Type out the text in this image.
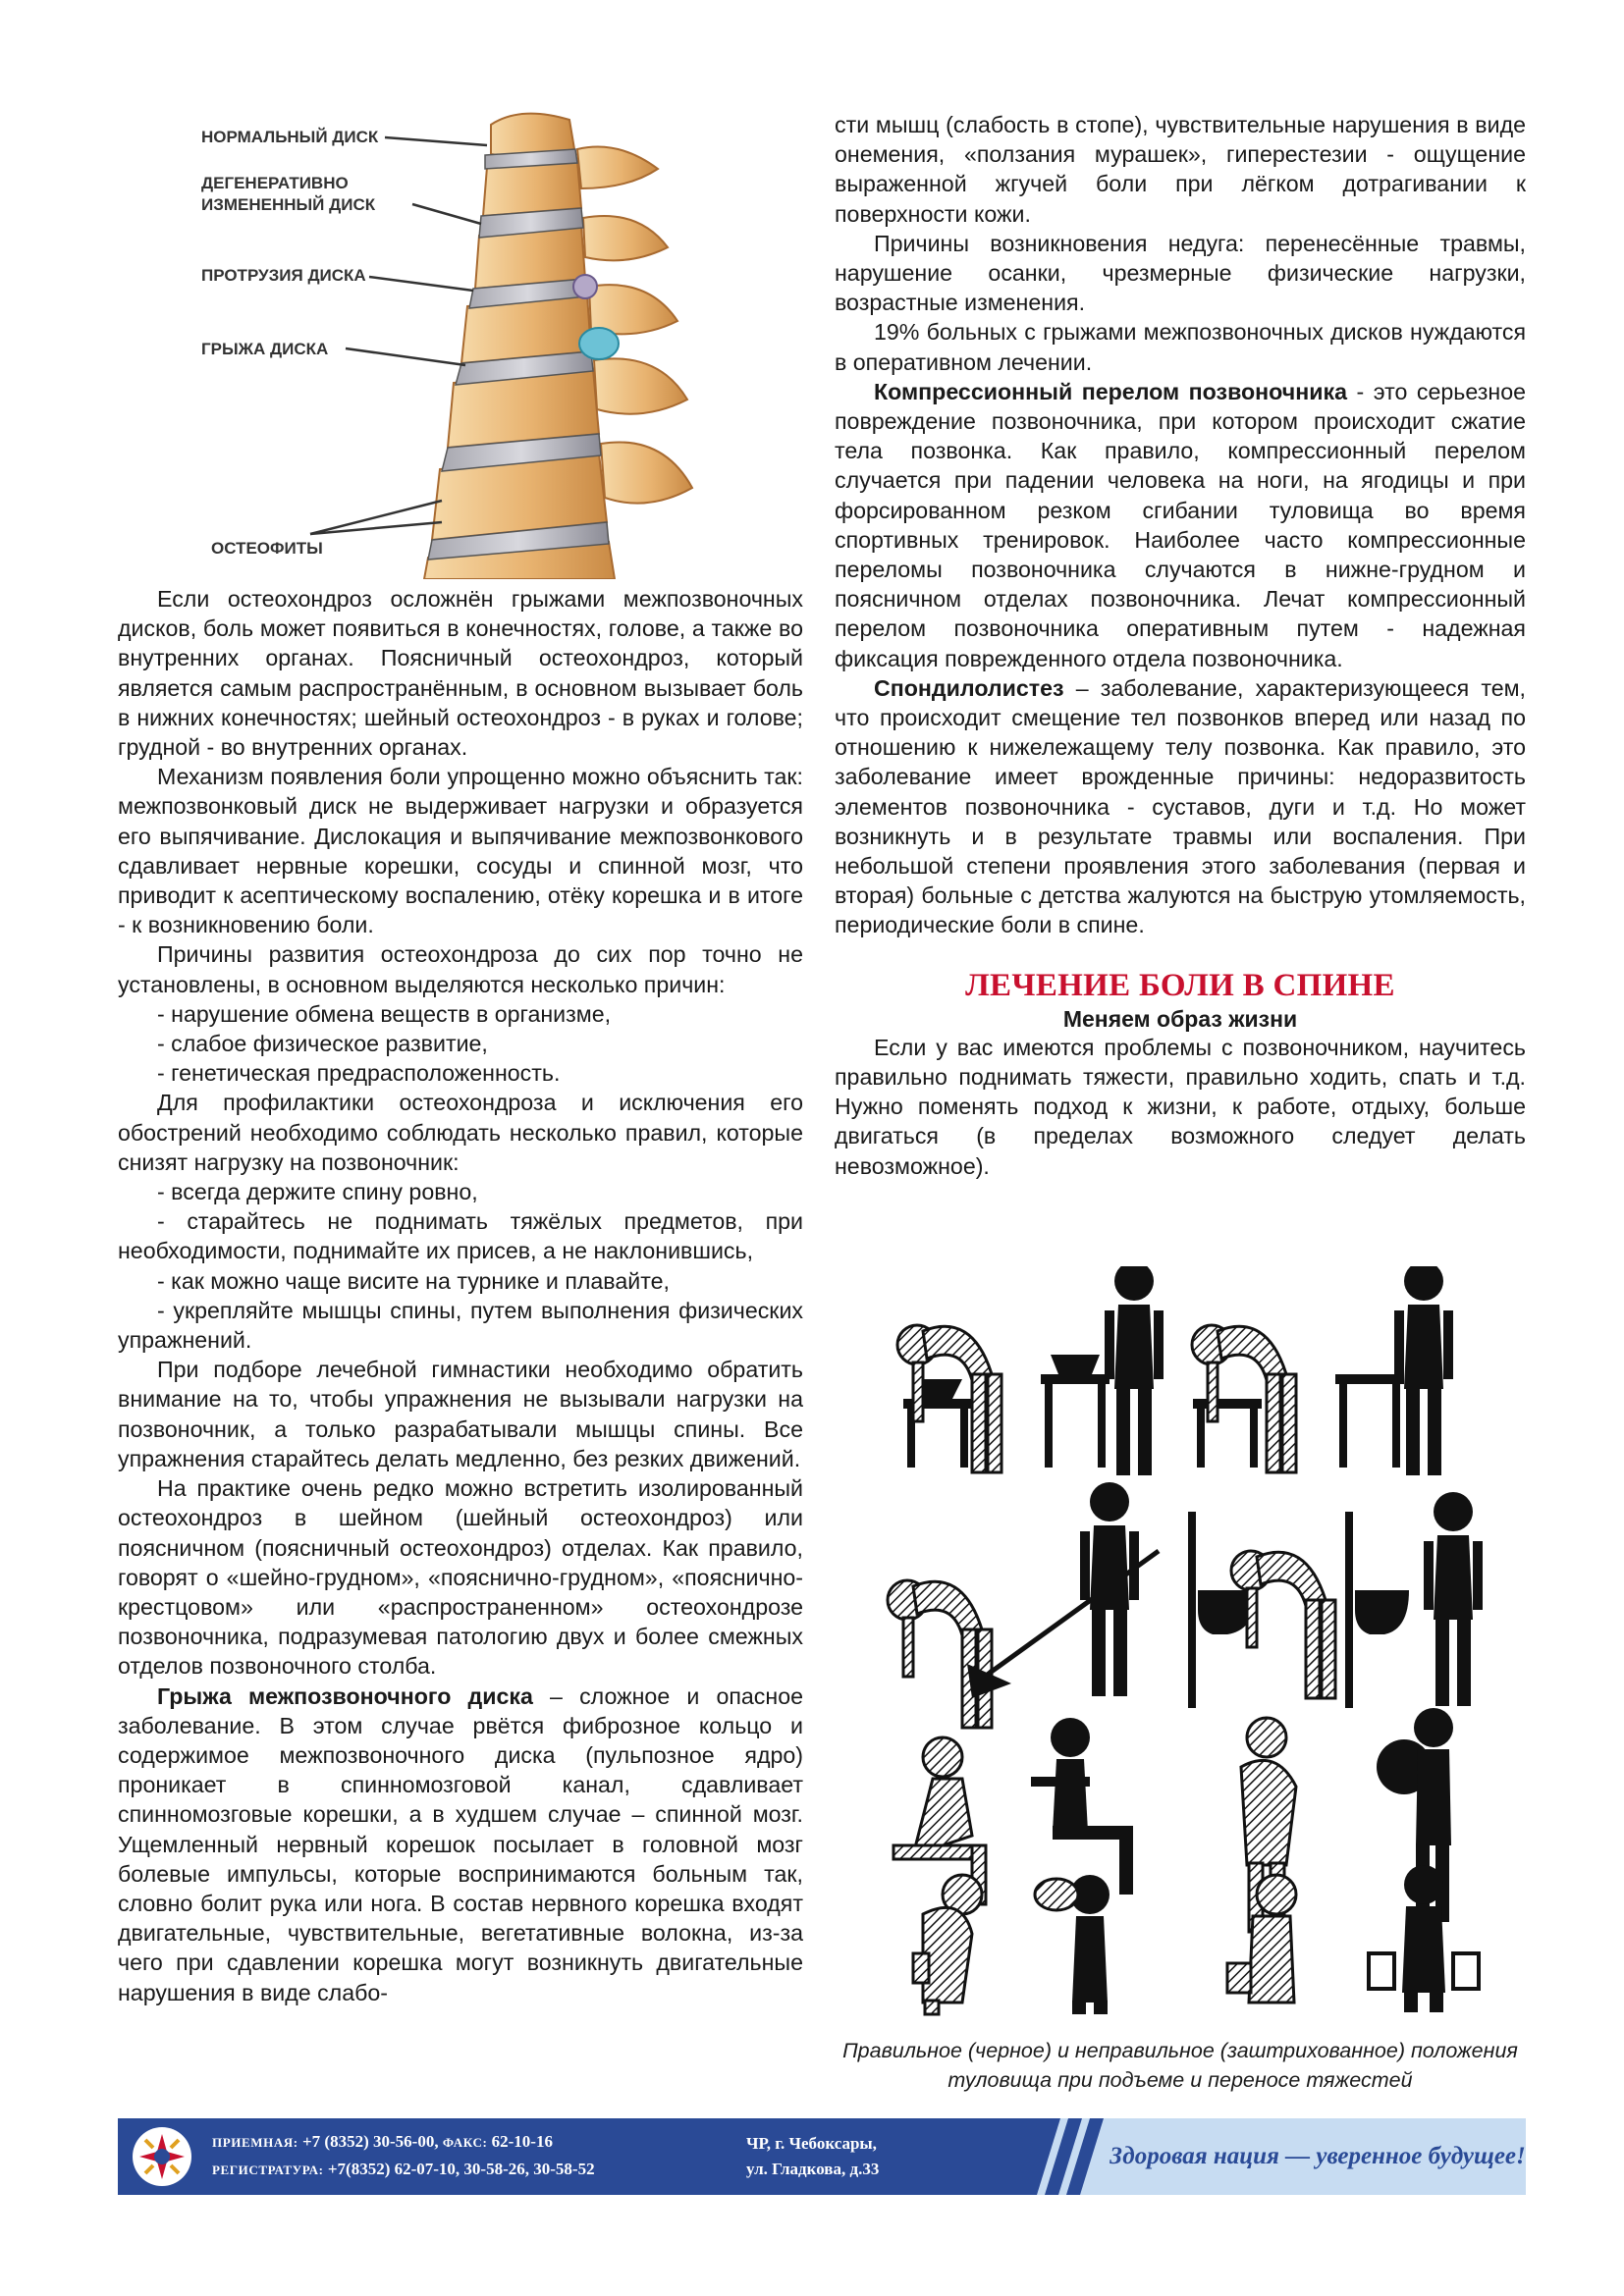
НОРМАЛЬНЫЙ ДИСК
ДЕГЕНЕРАТИВНО
ИЗМЕНЕННЫЙ ДИСК
ПРОТРУЗИЯ ДИСКА
ГРЫЖА ДИСКА
ОСТЕОФИТЫ

Если остеохондроз осложнён грыжами межпозвоночных дисков, боль может появиться в конечностях, голове, а также во внутренних органах. Поясничный остеохондроз, который является самым распространённым, в основном вызывает боль в нижних конечностях; шейный остеохондроз - в руках и голове; грудной - во внутренних органах.

Механизм появления боли упрощенно можно объяснить так: межпозвонковый диск не выдерживает нагрузки и образуется его выпячивание. Дислокация и выпячивание межпозвонкового сдавливает нервные корешки, сосуды и спинной мозг, что приводит к асептическому воспалению, отёку корешка и в итоге - к возникновению боли.

Причины развития остеохондроза до сих пор точно не установлены, в основном выделяются несколько причин:

- нарушение обмена веществ в организме,

- слабое физическое развитие,

- генетическая предрасположенность.

Для профилактики остеохондроза и исключения его обострений необходимо соблюдать несколько правил, которые снизят нагрузку на позвоночник:

- всегда держите спину ровно,

- старайтесь не поднимать тяжёлых предметов, при необходимости, поднимайте их присев, а не наклонившись,

- как можно чаще висите на турнике и плавайте,

- укрепляйте мышцы спины, путем выполнения физических упражнений.

При подборе лечебной гимнастики необходимо обратить внимание на то, чтобы упражнения не вызывали нагрузки на позвоночник, а только разрабатывали мышцы спины. Все упражнения старайтесь делать медленно, без резких движений.

На практике очень редко можно встретить изолированный остеохондроз в шейном (шейный остеохондроз) или поясничном (поясничный остеохондроз) отделах. Как правило, говорят о «шейно-грудном», «пояснично-грудном», «пояснично-крестцовом» или «распространенном» остеохондрозе позвоночника, подразумевая патологию двух и более смежных отделов позвоночного столба.

Грыжа межпозвоночного диска – сложное и опасное заболевание. В этом случае рвётся фиброзное кольцо и содержимое межпозвоночного диска (пульпозное ядро) проникает в спинномозговой канал, сдавливает спинномозговые корешки, а в худшем случае – спинной мозг. Ущемленный нервный корешок посылает в головной мозг болевые импульсы, которые воспринимаются больным так, словно болит рука или нога. В состав нервного корешка входят двигательные, чувствительные, вегетативные волокна, из-за чего при сдавлении корешка могут возникнуть двигательные нарушения в виде слабо-

сти мышц (слабость в стопе), чувствительные нарушения в виде онемения, «ползания мурашек», гиперестезии - ощущение выраженной жгучей боли при лёгком дотрагивании к поверхности кожи.

Причины возникновения недуга: перенесённые травмы, нарушение осанки, чрезмерные физические нагрузки, возрастные изменения.

19% больных с грыжами межпозвоночных дисков нуждаются в оперативном лечении.

Компрессионный перелом позвоночника - это серьезное повреждение позвоночника, при котором происходит сжатие тела позвонка. Как правило, компрессионный перелом случается при падении человека на ноги, на ягодицы и при форсированном резком сгибании туловища во время спортивных тренировок. Наиболее часто компрессионные переломы позвоночника случаются в нижне-грудном и поясничном отделах позвоночника. Лечат компрессионный перелом позвоночника оперативным путем - надежная фиксация поврежденного отдела позвоночника.

Спондилолистез – заболевание, характеризующееся тем, что происходит смещение тел позвонков вперед или назад по отношению к нижележащему телу позвонка. Как правило, это заболевание имеет врожденные причины: недоразвитость элементов позвоночника - суставов, дуги и т.д. Но может возникнуть и в результате травмы или воспаления. При небольшой степени проявления этого заболевания (первая и вторая) больные с детства жалуются на быструю утомляемость, периодические боли в спине.

ЛЕЧЕНИЕ БОЛИ В СПИНЕ
Меняем образ жизни

Если у вас имеются проблемы с позвоночником, научитесь правильно поднимать тяжести, правильно ходить, спать и т.д. Нужно поменять подход к жизни, к работе, отдыху, больше двигаться (в пределах возможного следует делать невозможное).

Правильное (черное) и неправильное (заштрихованное) положения туловища при подъеме и переносе тяжестей
ПРИЕМНАЯ: +7 (8352) 30-56-00, ФАКС: 62-10-16
РЕГИСТРАТУРА: +7(8352) 62-07-10, 30-58-26, 30-58-52
ЧР, г. Чебоксары,
ул. Гладкова, д.33	Здоровая нация — уверенное будущее!
